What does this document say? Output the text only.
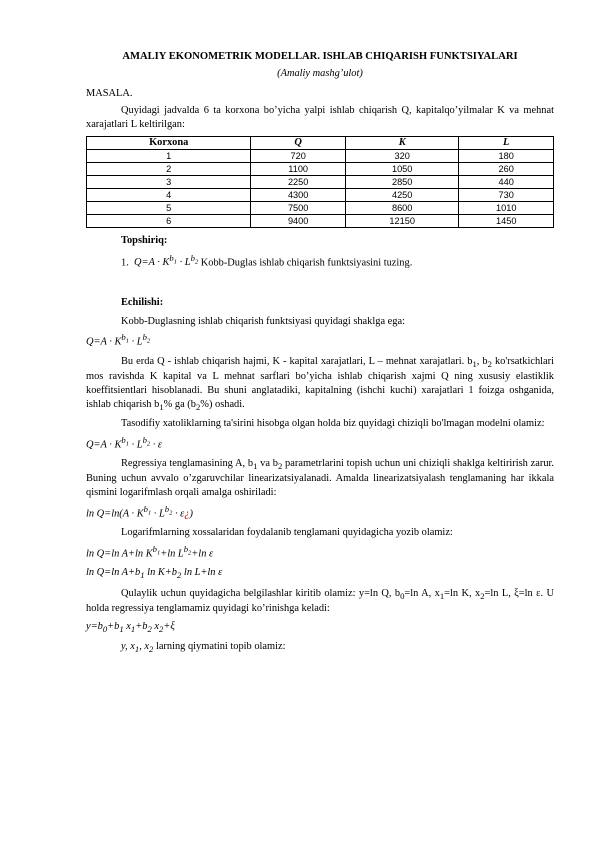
AMALIY EKONOMETRIK MODELLAR. ISHLAB CHIQARISH FUNKTSIYALARI
(Amaliy mashg’ulot)

MASALA.

Quyidagi jadvalda 6 ta korxona bo’yicha yalpi ishlab chiqarish Q, kapitalqo’yilmalar K va mehnat xarajatlari L keltirilgan:

Korxona	Q	K	L
1	720	320	180
2	1100	1050	260
3	2250	2850	440
4	4300	4250	730
5	7500	8600	1010
6	9400	12150	1450

Topshiriq:

1. $Q=A \cdot K^{b_1} \cdot L^{b_2}$ Kobb-Duglas ishlab chiqarish funktsiyasini tuzing.

Echilishi:

Kobb-Duglasning ishlab chiqarish funktsiyasi quyidagi shaklga ega:

$Q=A \cdot K^{b_1} \cdot L^{b_2}$

Bu erda Q - ishlab chiqarish hajmi, K - kapital xarajatlari, L – mehnat xarajatlari. $b_1$, $b_2$ ko'rsatkichlari mos ravishda K kapital va L mehnat sarflari bo’yicha ishlab chiqarish xajmi Q ning xususiy elastiklik koeffitsientlari hisoblanadi. Bu shuni anglatadiki, kapitalning (ishchi kuchi) xarajatlari 1 foizga oshganida, ishlab chiqarish $b_1\%$ ga $(b_2\%)$ oshadi.

Tasodifiy xatoliklarning ta'sirini hisobga olgan holda biz quyidagi chiziqli bo'lmagan modelni olamiz:

$Q=A \cdot K^{b_1} \cdot L^{b_2} \cdot \varepsilon$

Regressiya tenglamasining A, $b_1$ va $b_2$ parametrlarini topish uchun uni chiziqli shaklga keltirirish zarur. Buning uchun avvalo o’zgaruvchilar linearizatsiyalanadi. Amalda linearizatsiyalash tenglamaning har ikkala qismini logarifmlash orqali amalga oshiriladi:

$\ln Q=\ln(A \cdot K^{b_1} \cdot L^{b_2}$ · ε¿)

Logarifmlarning xossalaridan foydalanib tenglamani quyidagicha yozib olamiz:

ln Q=ln A+ln $K^{b_1}+\ln$ $L^{b_2}+\ln$ ε
ln Q=ln $A+b_1$ $\ln K+b_2$ ln L+ln ε

Qulaylik uchun quyidagicha belgilashlar kiritib olamiz: y=ln Q, $b_0=\ln$ A, $x_1=\ln$ K, $x_2=\ln$ L, ξ=ln ε. U holda regressiya tenglamamiz quyidagi ko’rinishga keladi:

$y=b_0+b_1$ $x_1+b_2$ $x_2+\xi$

y, $x_1$, $x_2$ larning qiymatini topib olamiz:
